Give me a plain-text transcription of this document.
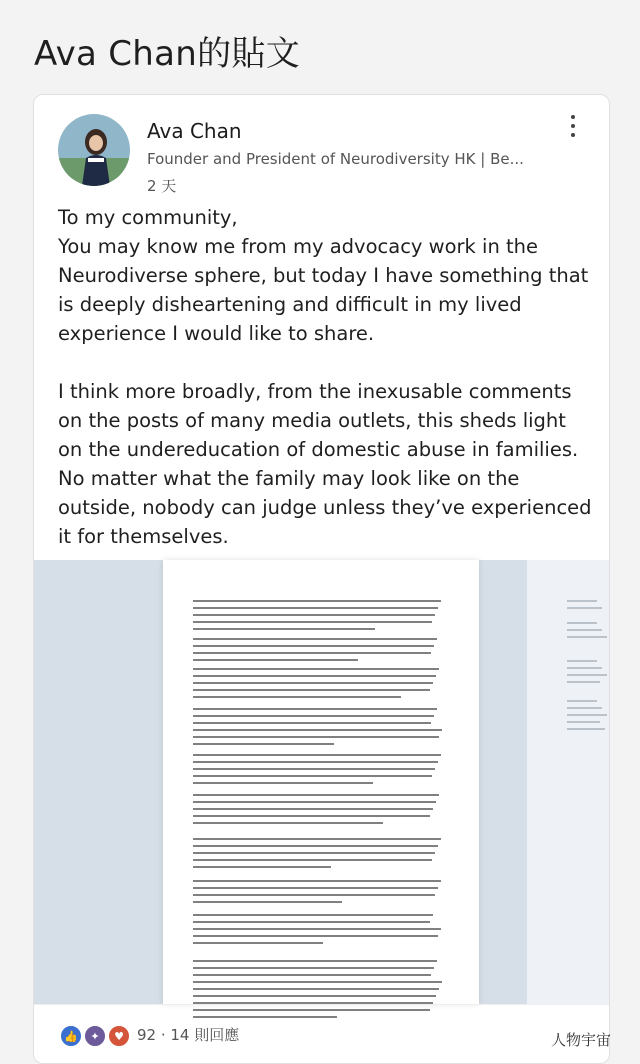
Ava Chan的貼文
Ava Chan
Founder and President of Neurodiversity HK | Be...
2 天

To my community,
You may know me from my advocacy work in the Neurodiverse sphere, but today I have something that is deeply disheartening and difficult in my lived experience I would like to share.

I think more broadly, from the inexusable comments on the posts of many media outlets, this sheds light on the undereducation of domestic abuse in families. No matter what the family may look like on the outside, nobody can judge unless they’ve experienced it for themselves.

👍	✦	♥ 92 · 14 則回應	人物宇宙
